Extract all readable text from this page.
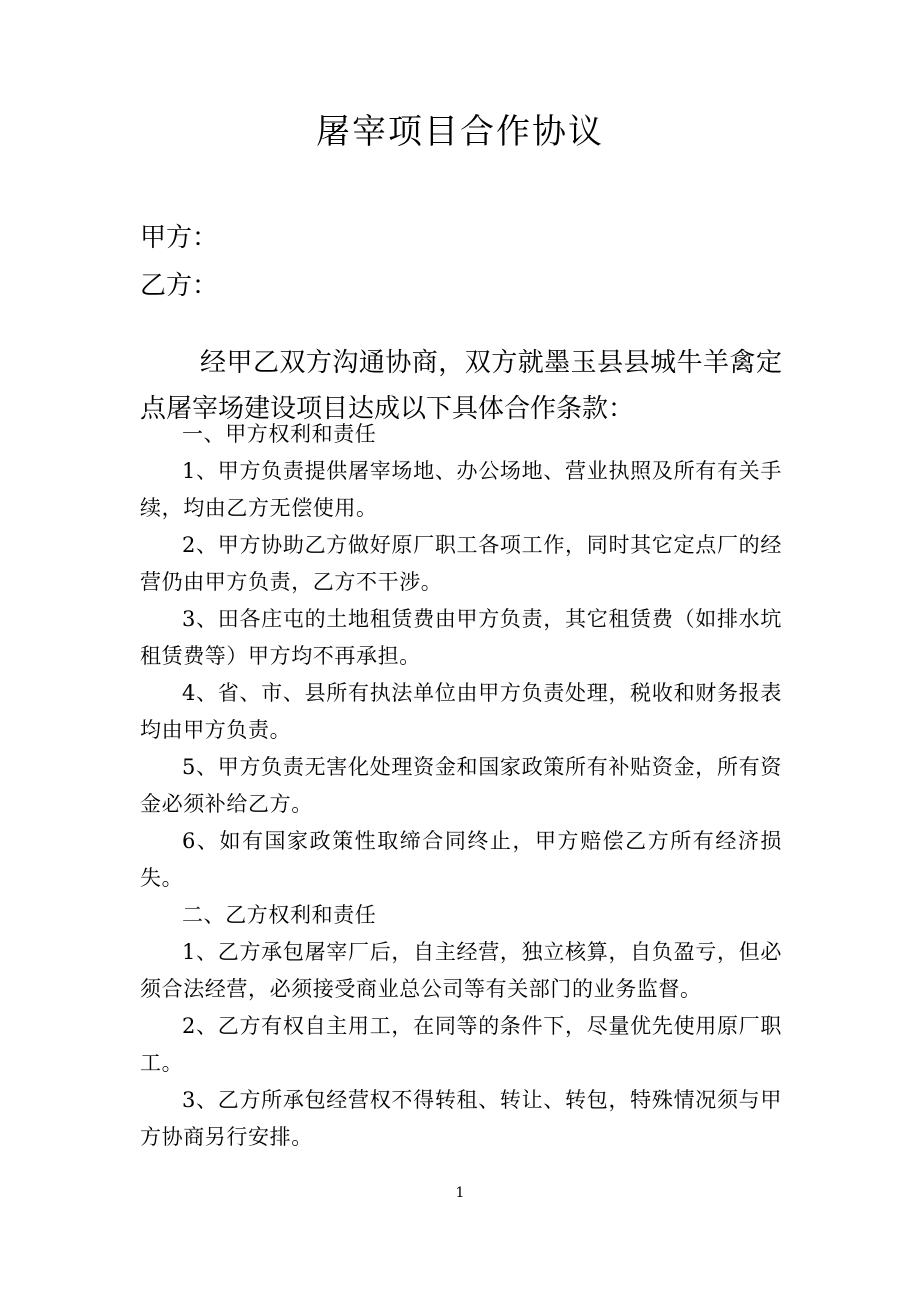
屠宰项目合作协议
甲方：
乙方：

经甲乙双方沟通协商，双方就墨玉县县城牛羊禽定点屠宰场建设项目达成以下具体合作条款：

一、甲方权利和责任

1、甲方负责提供屠宰场地、办公场地、营业执照及所有有关手续，均由乙方无偿使用。

2、甲方协助乙方做好原厂职工各项工作，同时其它定点厂的经营仍由甲方负责，乙方不干涉。

3、田各庄屯的土地租赁费由甲方负责，其它租赁费（如排水坑租赁费等）甲方均不再承担。

4、省、市、县所有执法单位由甲方负责处理，税收和财务报表均由甲方负责。

5、甲方负责无害化处理资金和国家政策所有补贴资金，所有资金必须补给乙方。

6、如有国家政策性取缔合同终止，甲方赔偿乙方所有经济损失。

二、乙方权利和责任

1、乙方承包屠宰厂后，自主经营，独立核算，自负盈亏，但必须合法经营，必须接受商业总公司等有关部门的业务监督。

2、乙方有权自主用工，在同等的条件下，尽量优先使用原厂职工。

3、乙方所承包经营权不得转租、转让、转包，特殊情况须与甲方协商另行安排。

1
